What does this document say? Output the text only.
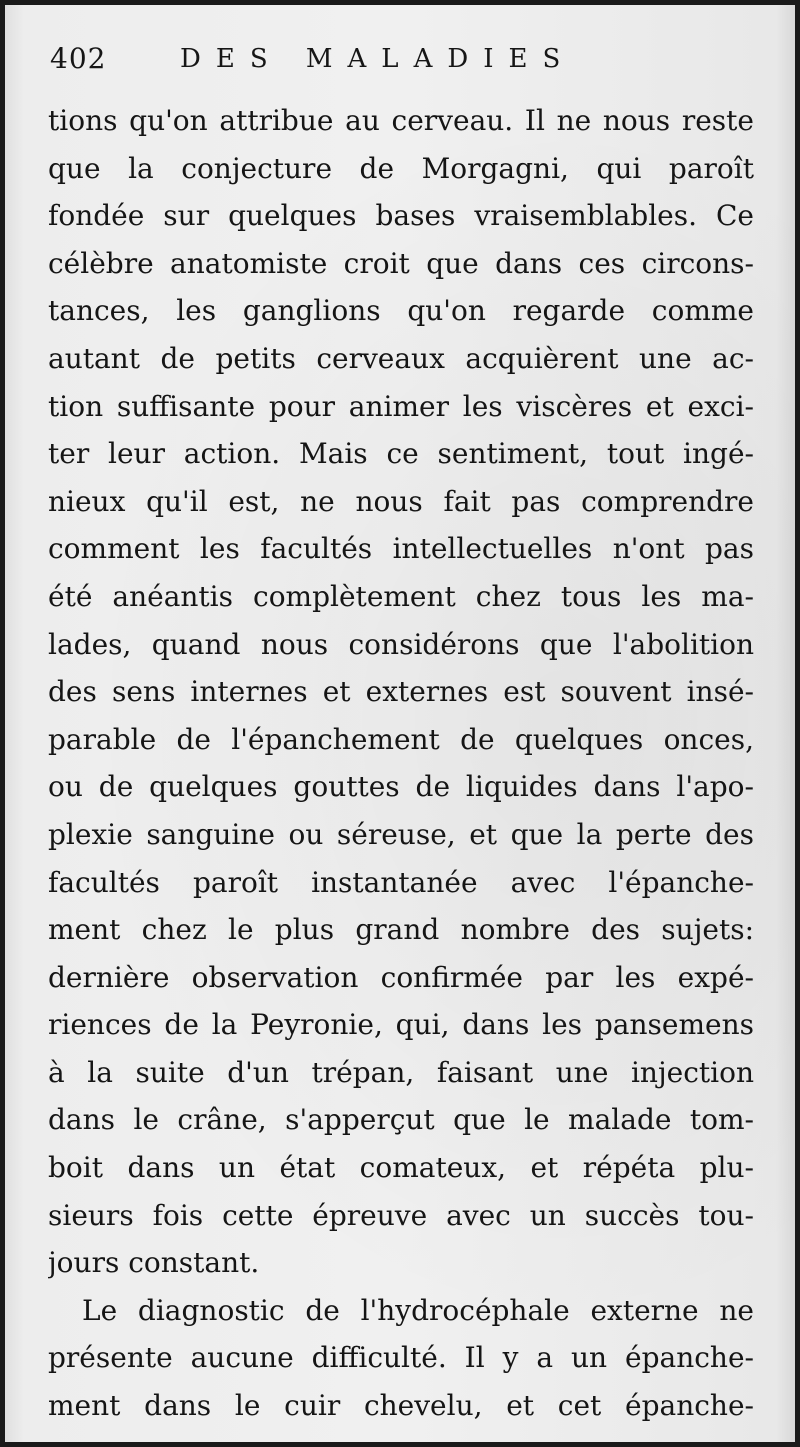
402	DES MALADIES
tions qu'on attribue au cerveau. Il ne nous reste
que la conjecture de Morgagni, qui paroît
fondée sur quelques bases vraisemblables. Ce
célèbre anatomiste croit que dans ces circons-
tances, les ganglions qu'on regarde comme
autant de petits cerveaux acquièrent une ac-
tion suffisante pour animer les viscères et exci-
ter leur action. Mais ce sentiment, tout ingé-
nieux qu'il est, ne nous fait pas comprendre
comment les facultés intellectuelles n'ont pas
été anéantis complètement chez tous les ma-
lades, quand nous considérons que l'abolition
des sens internes et externes est souvent insé-
parable de l'épanchement de quelques onces,
ou de quelques gouttes de liquides dans l'apo-
plexie sanguine ou séreuse, et que la perte des
facultés paroît instantanée avec l'épanche-
ment chez le plus grand nombre des sujets:
dernière observation confirmée par les expé-
riences de la Peyronie, qui, dans les pansemens
à la suite d'un trépan, faisant une injection
dans le crâne, s'apperçut que le malade tom-
boit dans un état comateux, et répéta plu-
sieurs fois cette épreuve avec un succès tou-
jours constant.
Le diagnostic de l'hydrocéphale externe ne
présente aucune difficulté. Il y a un épanche-
ment dans le cuir chevelu, et cet épanche-
